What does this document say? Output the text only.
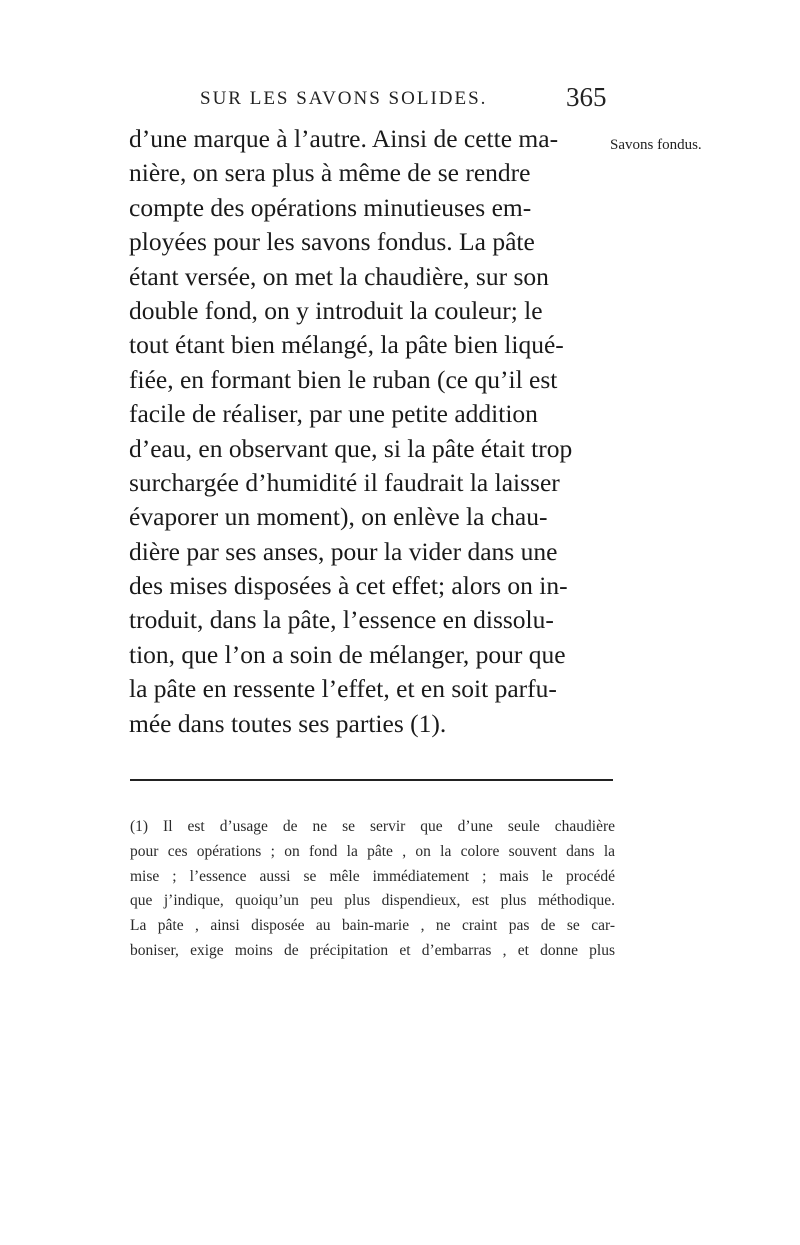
SUR LES SAVONS SOLIDES.	365
Savons fondus.
d’une marque à l’autre. Ainsi de cette ma-
nière, on sera plus à même de se rendre
compte des opérations minutieuses em-
ployées pour les savons fondus. La pâte
étant versée, on met la chaudière, sur son
double fond, on y introduit la couleur; le
tout étant bien mélangé, la pâte bien liqué-
fiée, en formant bien le ruban (ce qu’il est
facile de réaliser, par une petite addition
d’eau, en observant que, si la pâte était trop
surchargée d’humidité il faudrait la laisser
évaporer un moment), on enlève la chau-
dière par ses anses, pour la vider dans une
des mises disposées à cet effet; alors on in-
troduit, dans la pâte, l’essence en dissolu-
tion, que l’on a soin de mélanger, pour que
la pâte en ressente l’effet, et en soit parfu-
mée dans toutes ses parties (1).
(1) Il est d’usage de ne se servir que d’une seule chaudière
pour ces opérations ; on fond la pâte , on la colore souvent dans la
mise ; l’essence aussi se mêle immédiatement ; mais le procédé
que j’indique, quoiqu’un peu plus dispendieux, est plus méthodique.
La pâte , ainsi disposée au bain-marie , ne craint pas de se car-
boniser, exige moins de précipitation et d’embarras , et donne plus
